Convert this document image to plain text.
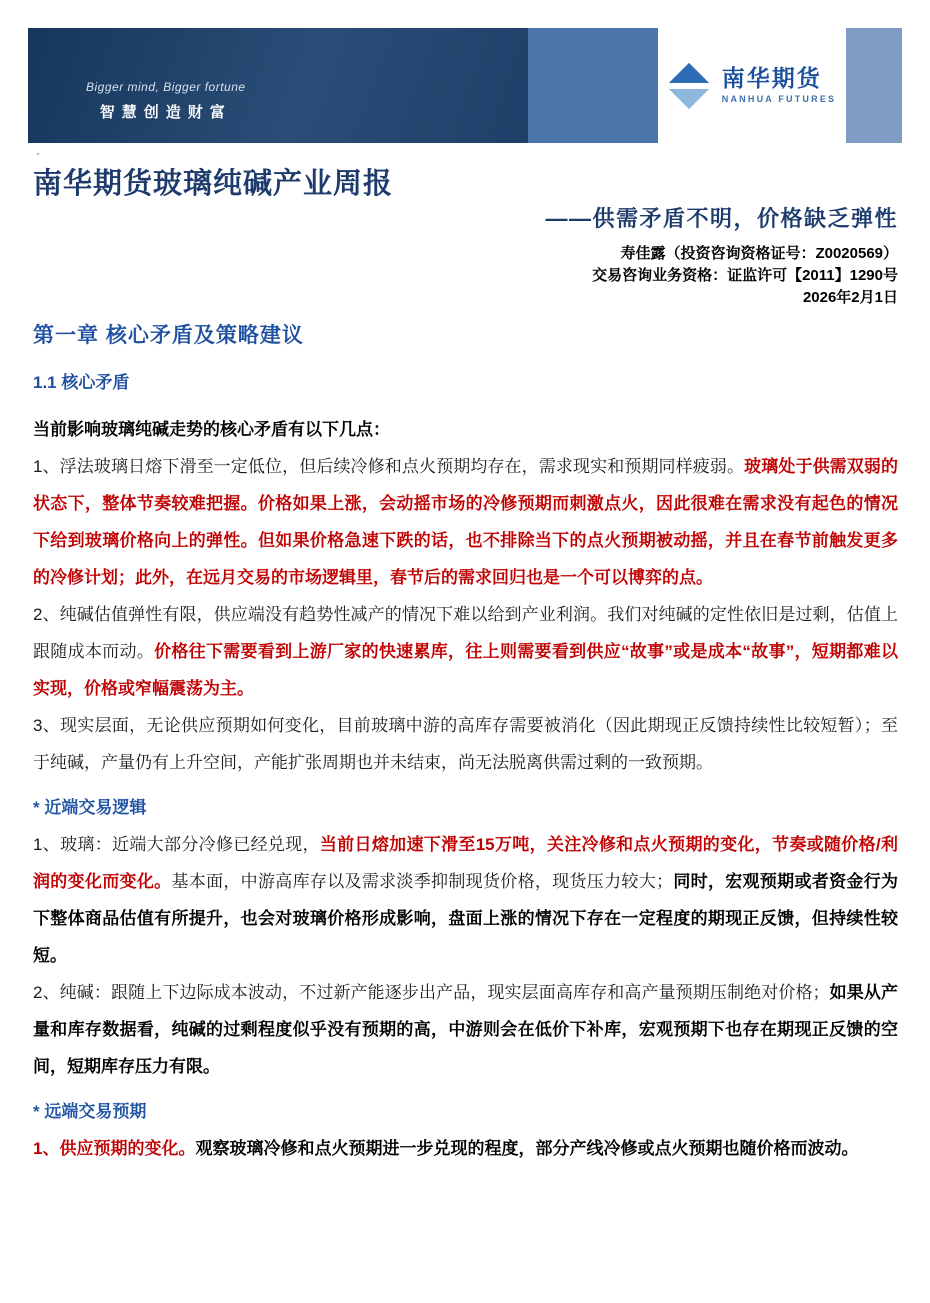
Bigger mind, Bigger fortune
智慧创造财富
南华期货
NANHUA FUTURES
·
南华期货玻璃纯碱产业周报
——供需矛盾不明，价格缺乏弹性
寿佳露（投资咨询资格证号：Z0020569）
交易咨询业务资格：证监许可【2011】1290号
2026年2月1日
第一章 核心矛盾及策略建议
1.1 核心矛盾

当前影响玻璃纯碱走势的核心矛盾有以下几点：

1、浮法玻璃日熔下滑至一定低位，但后续冷修和点火预期均存在，需求现实和预期同样疲弱。玻璃处于供需双弱的状态下，整体节奏较难把握。价格如果上涨，会动摇市场的冷修预期而刺激点火，因此很难在需求没有起色的情况下给到玻璃价格向上的弹性。但如果价格急速下跌的话，也不排除当下的点火预期被动摇，并且在春节前触发更多的冷修计划；此外，在远月交易的市场逻辑里，春节后的需求回归也是一个可以博弈的点。

2、纯碱估值弹性有限，供应端没有趋势性减产的情况下难以给到产业利润。我们对纯碱的定性依旧是过剩，估值上跟随成本而动。价格往下需要看到上游厂家的快速累库，往上则需要看到供应“故事”或是成本“故事”，短期都难以实现，价格或窄幅震荡为主。

3、现实层面，无论供应预期如何变化，目前玻璃中游的高库存需要被消化（因此期现正反馈持续性比较短暂）；至于纯碱，产量仍有上升空间，产能扩张周期也并未结束，尚无法脱离供需过剩的一致预期。

* 近端交易逻辑

1、玻璃：近端大部分冷修已经兑现，当前日熔加速下滑至15万吨，关注冷修和点火预期的变化，节奏或随价格/利润的变化而变化。基本面，中游高库存以及需求淡季抑制现货价格，现货压力较大；同时，宏观预期或者资金行为下整体商品估值有所提升，也会对玻璃价格形成影响，盘面上涨的情况下存在一定程度的期现正反馈，但持续性较短。

2、纯碱：跟随上下边际成本波动，不过新产能逐步出产品，现实层面高库存和高产量预期压制绝对价格；如果从产量和库存数据看，纯碱的过剩程度似乎没有预期的高，中游则会在低价下补库，宏观预期下也存在期现正反馈的空间，短期库存压力有限。

* 远端交易预期

1、供应预期的变化。观察玻璃冷修和点火预期进一步兑现的程度，部分产线冷修或点火预期也随价格而波动。
